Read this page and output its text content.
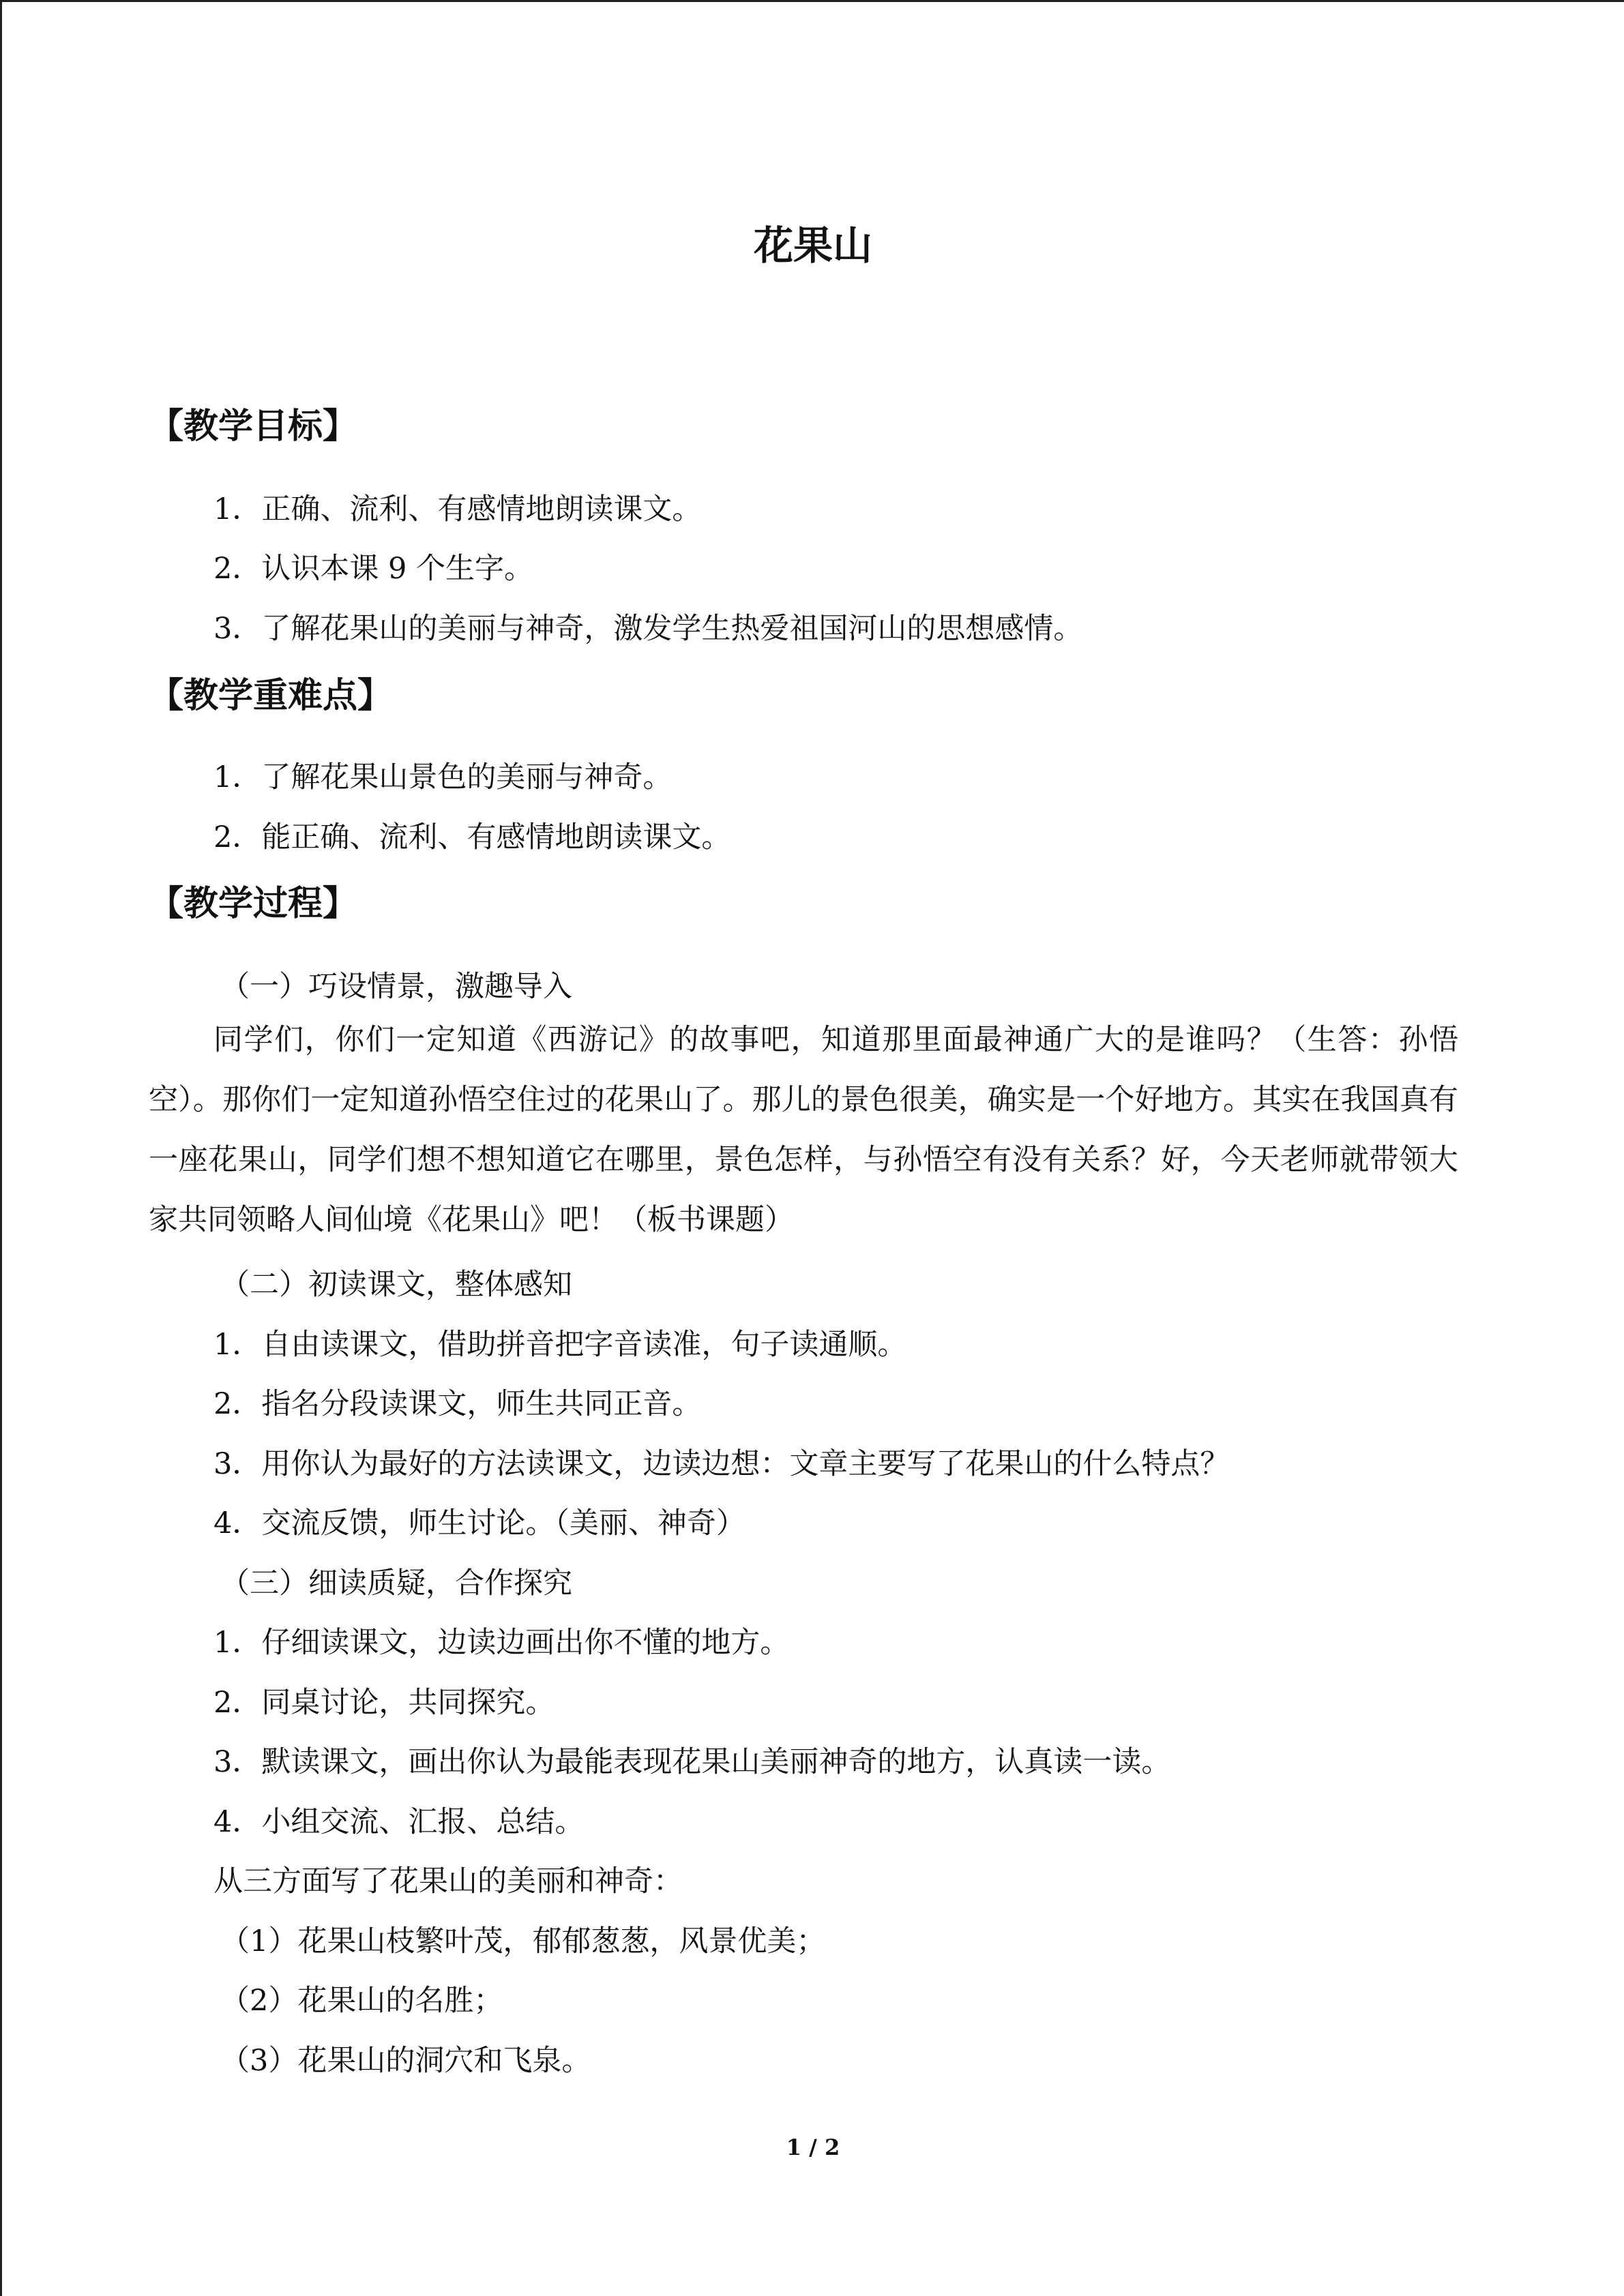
花果山
【教学目标】
1．正确、流利、有感情地朗读课文。
2．认识本课 9 个生字。
3．了解花果山的美丽与神奇，激发学生热爱祖国河山的思想感情。
【教学重难点】
1．了解花果山景色的美丽与神奇。
2．能正确、流利、有感情地朗读课文。
【教学过程】
（一）巧设情景，激趣导入
同学们，你们一定知道《西游记》的故事吧，知道那里面最神通广大的是谁吗？（生答：孙悟空）。那你们一定知道孙悟空住过的花果山了。那儿的景色很美，确实是一个好地方。其实在我国真有一座花果山，同学们想不想知道它在哪里，景色怎样，与孙悟空有没有关系？好，今天老师就带领大家共同领略人间仙境《花果山》吧！（板书课题）
（二）初读课文，整体感知
1．自由读课文，借助拼音把字音读准，句子读通顺。
2．指名分段读课文，师生共同正音。
3．用你认为最好的方法读课文，边读边想：文章主要写了花果山的什么特点？
4．交流反馈，师生讨论。（美丽、神奇）
（三）细读质疑，合作探究
1．仔细读课文，边读边画出你不懂的地方。
2．同桌讨论，共同探究。
3．默读课文，画出你认为最能表现花果山美丽神奇的地方，认真读一读。
4．小组交流、汇报、总结。
从三方面写了花果山的美丽和神奇：
（1）花果山枝繁叶茂，郁郁葱葱，风景优美；
（2）花果山的名胜；
（3）花果山的洞穴和飞泉。
1 / 2
